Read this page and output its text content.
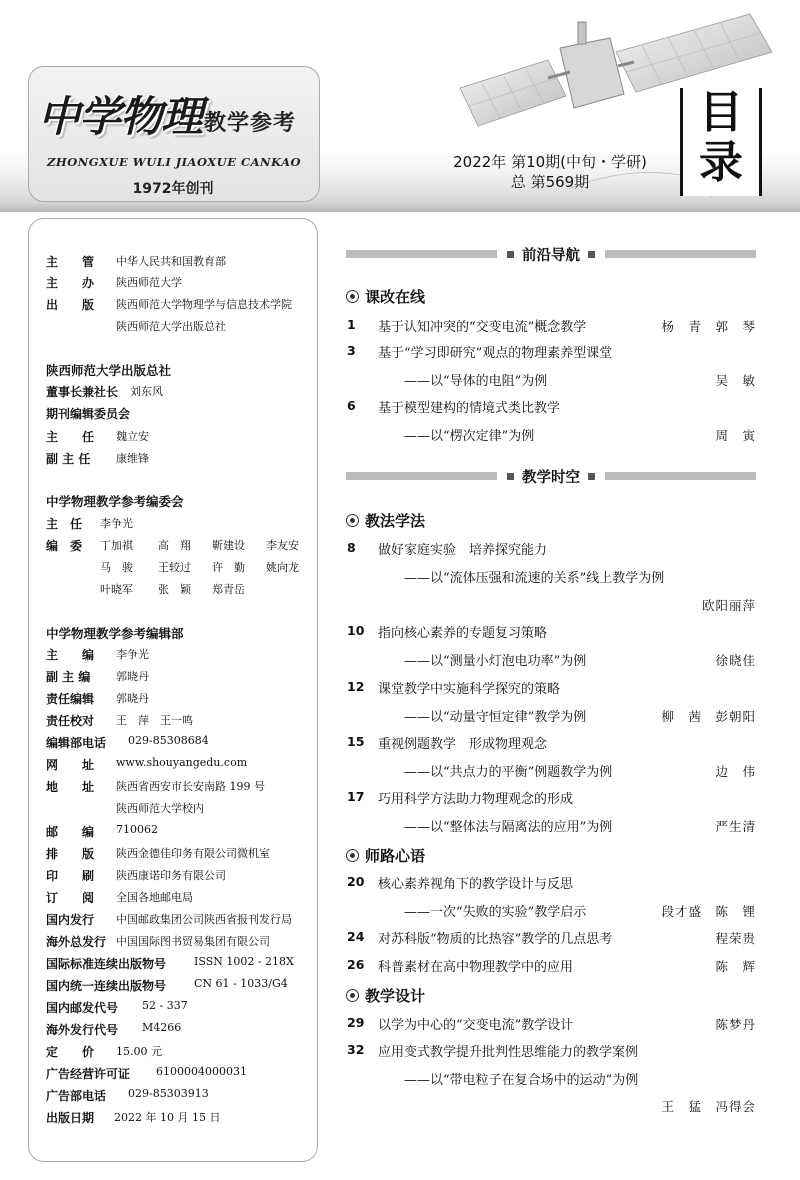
中学物理 教学参考
ZHONGXUE WULI JIAOXUE CANKAO
1972年创刊
2022年 第10期(中旬・学研)
总 第569期
目
录
主　　管 中华人民共和国教育部
主　　办 陕西师范大学
出　　版 陕西师范大学物理学与信息技术学院
陕西师范大学出版总社
陕西师范大学出版总社
董事长兼社长 刘东风
期刊编辑委员会
主　　任 魏立安
副 主 任 康维锋
中学物理教学参考编委会
主　任 李争光
编　委 丁加祺 高　翔 靳建设 李友安
马　骏 王较过 许　勤 姚向龙
叶晓军 张　颖 郑青岳
中学物理教学参考编辑部
主　　编 李争光
副 主 编 郭晓丹
责任编辑 郭晓丹
责任校对 王　萍　王一鸣
编辑部电话 029-85308684
网　　址 www.shouyangedu.com
地　　址 陕西省西安市长安南路 199 号
陕西师范大学校内
邮　　编 710062
排　　版 陕西金德佳印务有限公司微机室
印　　刷 陕西康诺印务有限公司
订　　阅 全国各地邮电局
国内发行 中国邮政集团公司陕西省报刊发行局
海外总发行 中国国际图书贸易集团有限公司
国际标准连续出版物号	ISSN 1002 - 218X
国内统一连续出版物号	CN 61 - 1033/G4
国内邮发代号 52 - 337
海外发行代号 M4266
定　　价 15.00 元
广告经营许可证 6100004000031
广告部电话 029-85303913
出版日期 2022 年 10 月 15 日
前沿导航
课改在线
1 基于认知冲突的“交变电流”概念教学	杨　青　郭　琴
3 基于“学习即研究”观点的物理素养型课堂
——以“导体的电阻”为例	吴　敏
6 基于模型建构的情境式类比教学
——以“楞次定律”为例	周　寅
教学时空
教法学法
8 做好家庭实验　培养探究能力
——以“流体压强和流速的关系”线上教学为例
欧阳丽萍
10 指向核心素养的专题复习策略
——以“测量小灯泡电功率”为例	徐晓佳
12 课堂教学中实施科学探究的策略
——以“动量守恒定律”教学为例	柳　茜　彭朝阳
15 重视例题教学　形成物理观念
——以“共点力的平衡”例题教学为例	边　伟
17 巧用科学方法助力物理观念的形成
——以“整体法与隔离法的应用”为例	严生清
师路心语
20 核心素养视角下的教学设计与反思
——一次“失败的实验”教学启示	段才盛　陈　锂
24 对苏科版“物质的比热容”教学的几点思考	程荣贵
26 科普素材在高中物理教学中的应用	陈　辉
教学设计
29 以学为中心的“交变电流”教学设计	陈梦丹
32 应用变式教学提升批判性思维能力的教学案例
——以“带电粒子在复合场中的运动”为例
王　猛　冯得会
